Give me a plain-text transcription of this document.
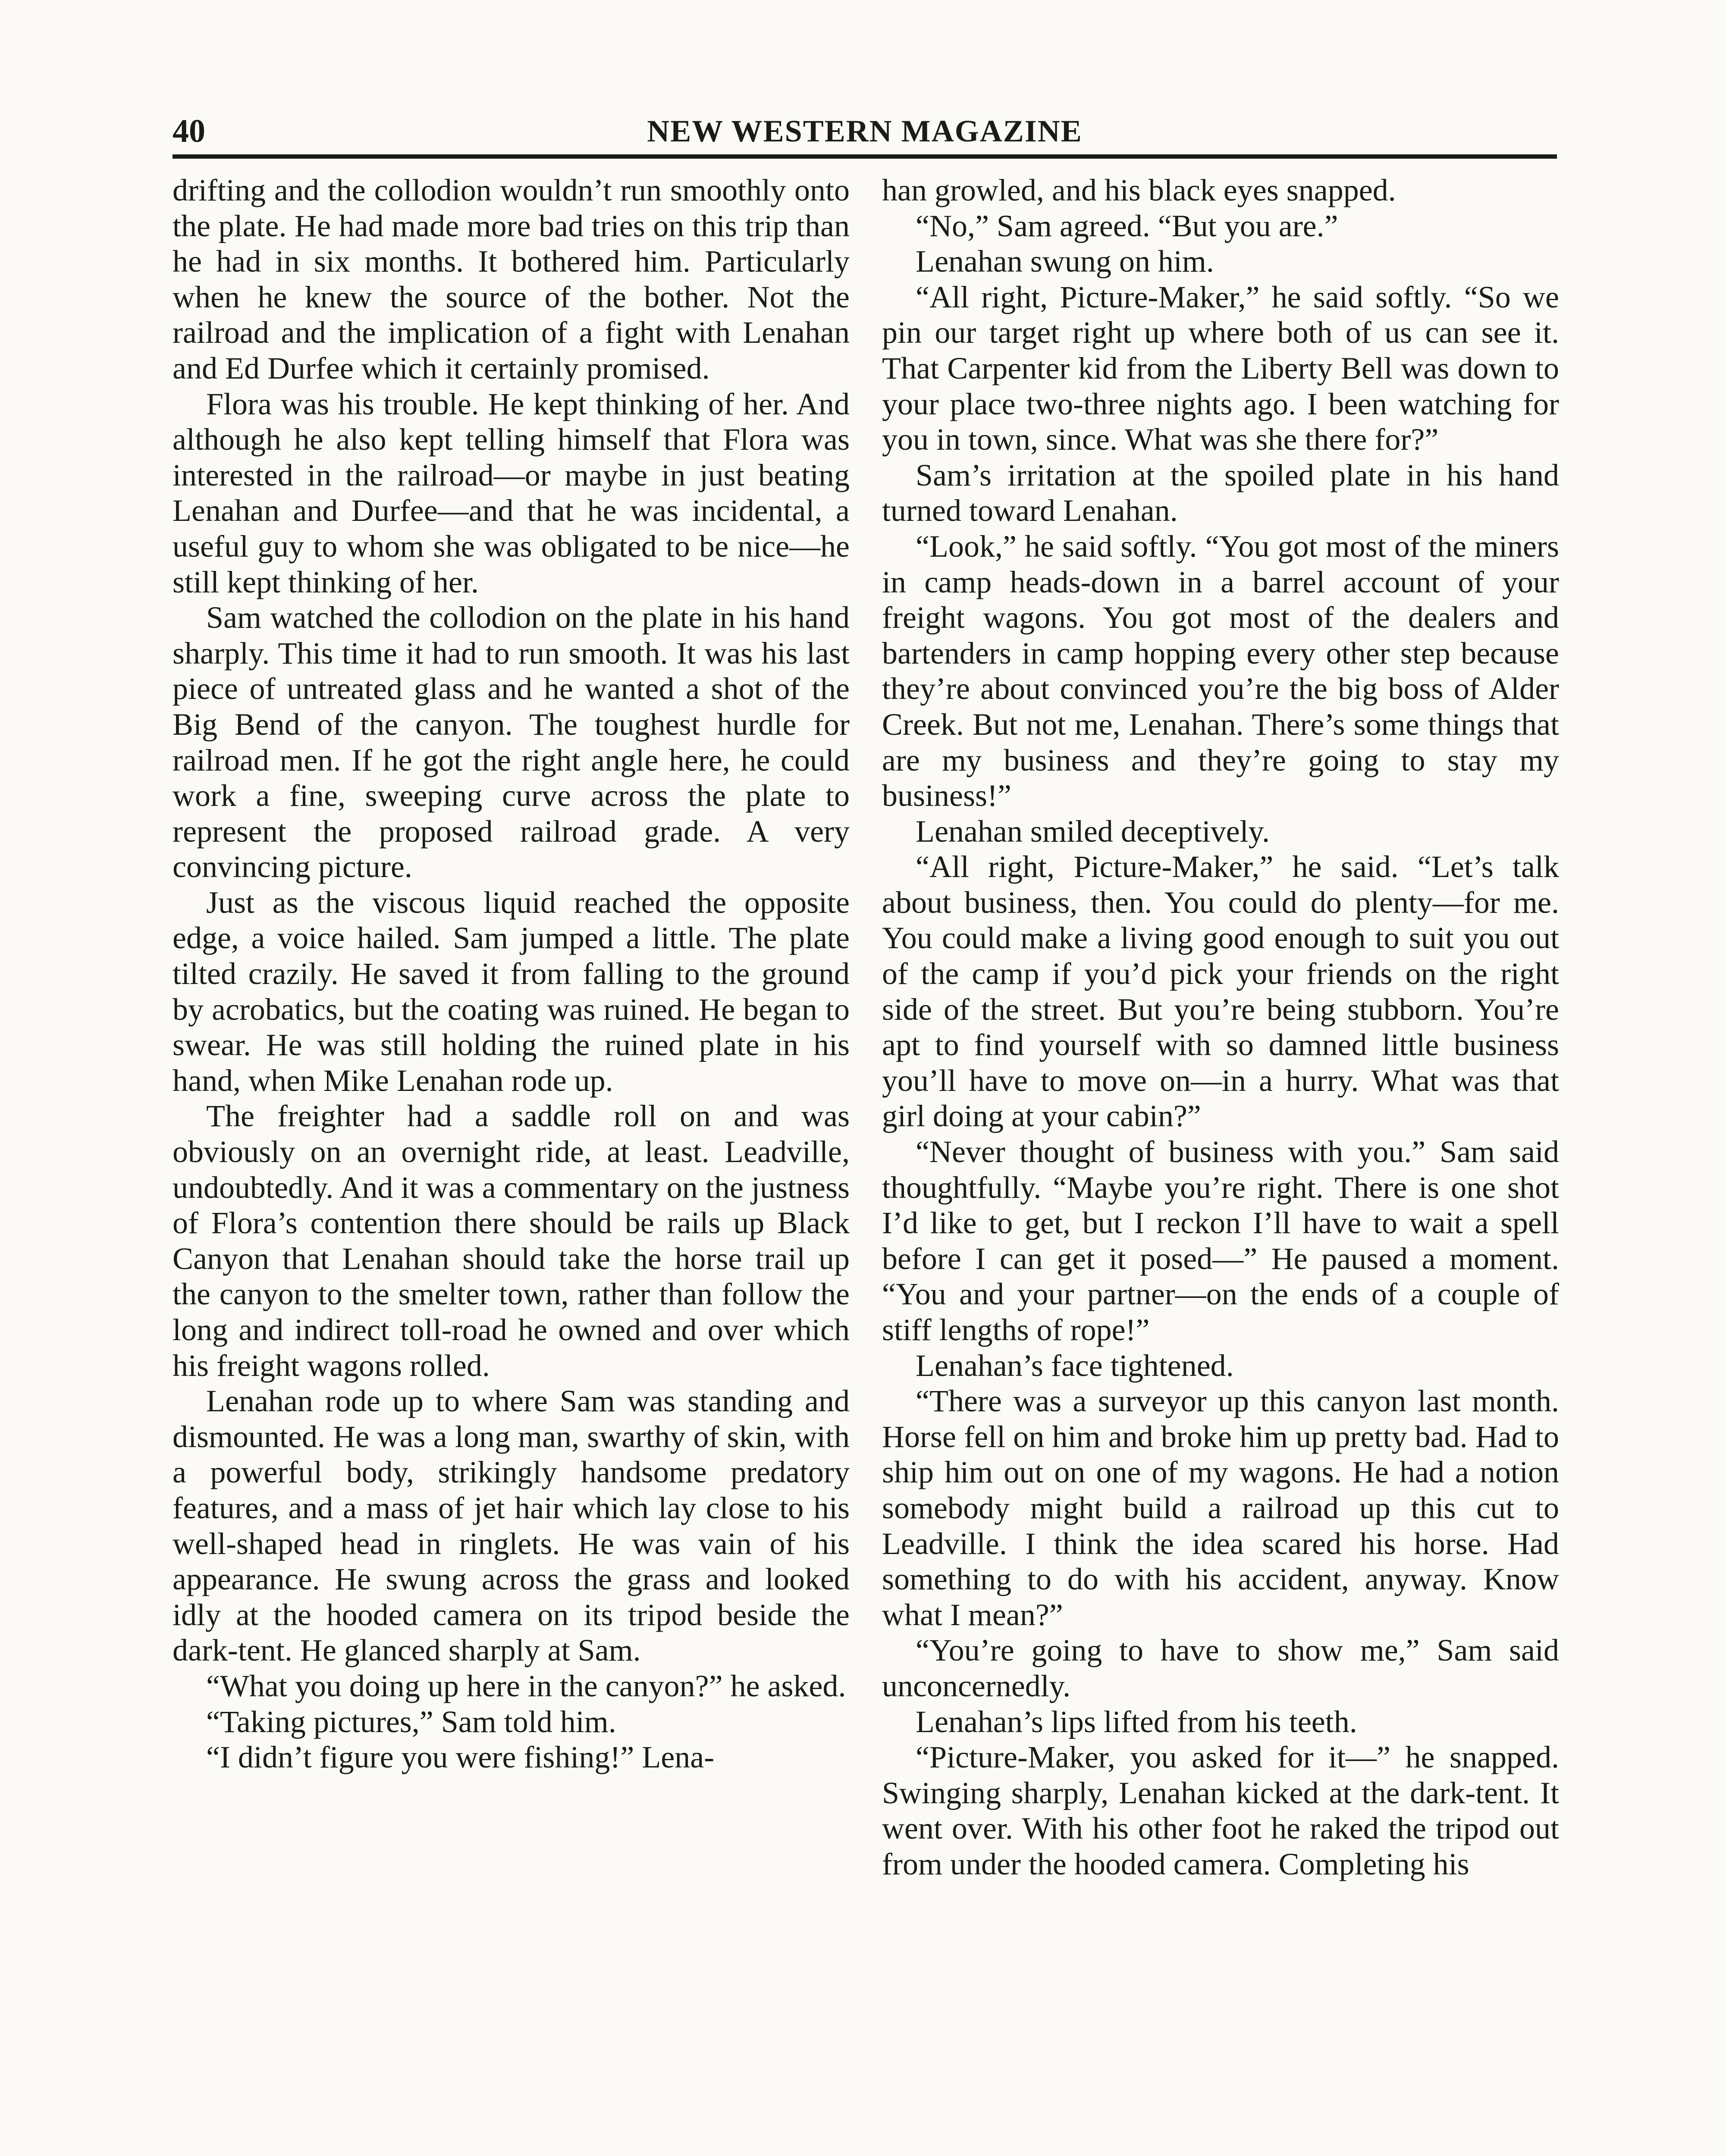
40	NEW WESTERN MAGAZINE

drifting and the collodion wouldn’t run smoothly onto the plate. He had made more bad tries on this trip than he had in six months. It bothered him. Particularly when he knew the source of the bother. Not the railroad and the implication of a fight with Lenahan and Ed Durfee which it certainly promised.

Flora was his trouble. He kept thinking of her. And although he also kept telling himself that Flora was interested in the railroad—or maybe in just beating Lenahan and Durfee—and that he was incidental, a useful guy to whom she was obligated to be nice—he still kept thinking of her.

Sam watched the collodion on the plate in his hand sharply. This time it had to run smooth. It was his last piece of untreated glass and he wanted a shot of the Big Bend of the canyon. The toughest hurdle for railroad men. If he got the right angle here, he could work a fine, sweeping curve across the plate to represent the proposed railroad grade. A very convincing picture.

Just as the viscous liquid reached the opposite edge, a voice hailed. Sam jumped a little. The plate tilted crazily. He saved it from falling to the ground by acrobatics, but the coating was ruined. He began to swear. He was still holding the ruined plate in his hand, when Mike Lenahan rode up.

The freighter had a saddle roll on and was obviously on an overnight ride, at least. Leadville, undoubtedly. And it was a commentary on the justness of Flora’s contention there should be rails up Black Canyon that Lenahan should take the horse trail up the canyon to the smelter town, rather than follow the long and indirect toll-road he owned and over which his freight wagons rolled.

Lenahan rode up to where Sam was standing and dismounted. He was a long man, swarthy of skin, with a powerful body, strikingly handsome predatory features, and a mass of jet hair which lay close to his well-shaped head in ringlets. He was vain of his appearance. He swung across the grass and looked idly at the hooded camera on its tripod beside the dark-tent. He glanced sharply at Sam.

“What you doing up here in the canyon?” he asked.

“Taking pictures,” Sam told him.

“I didn’t figure you were fishing!” Lena-

han growled, and his black eyes snapped.

“No,” Sam agreed. “But you are.”

Lenahan swung on him.

“All right, Picture-Maker,” he said softly. “So we pin our target right up where both of us can see it. That Carpenter kid from the Liberty Bell was down to your place two-three nights ago. I been watching for you in town, since. What was she there for?”

Sam’s irritation at the spoiled plate in his hand turned toward Lenahan.

“Look,” he said softly. “You got most of the miners in camp heads-down in a barrel account of your freight wagons. You got most of the dealers and bartenders in camp hopping every other step because they’re about convinced you’re the big boss of Alder Creek. But not me, Lenahan. There’s some things that are my business and they’re going to stay my business!”

Lenahan smiled deceptively.

“All right, Picture-Maker,” he said. “Let’s talk about business, then. You could do plenty—for me. You could make a living good enough to suit you out of the camp if you’d pick your friends on the right side of the street. But you’re being stubborn. You’re apt to find yourself with so damned little business you’ll have to move on—in a hurry. What was that girl doing at your cabin?”

“Never thought of business with you.” Sam said thoughtfully. “Maybe you’re right. There is one shot I’d like to get, but I reckon I’ll have to wait a spell before I can get it posed—” He paused a moment. “You and your partner—on the ends of a couple of stiff lengths of rope!”

Lenahan’s face tightened.

“There was a surveyor up this canyon last month. Horse fell on him and broke him up pretty bad. Had to ship him out on one of my wagons. He had a notion somebody might build a railroad up this cut to Leadville. I think the idea scared his horse. Had something to do with his accident, anyway. Know what I mean?”

“You’re going to have to show me,” Sam said unconcernedly.

Lenahan’s lips lifted from his teeth.

“Picture-Maker, you asked for it—” he snapped. Swinging sharply, Lenahan kicked at the dark-tent. It went over. With his other foot he raked the tripod out from under the hooded camera. Completing his
